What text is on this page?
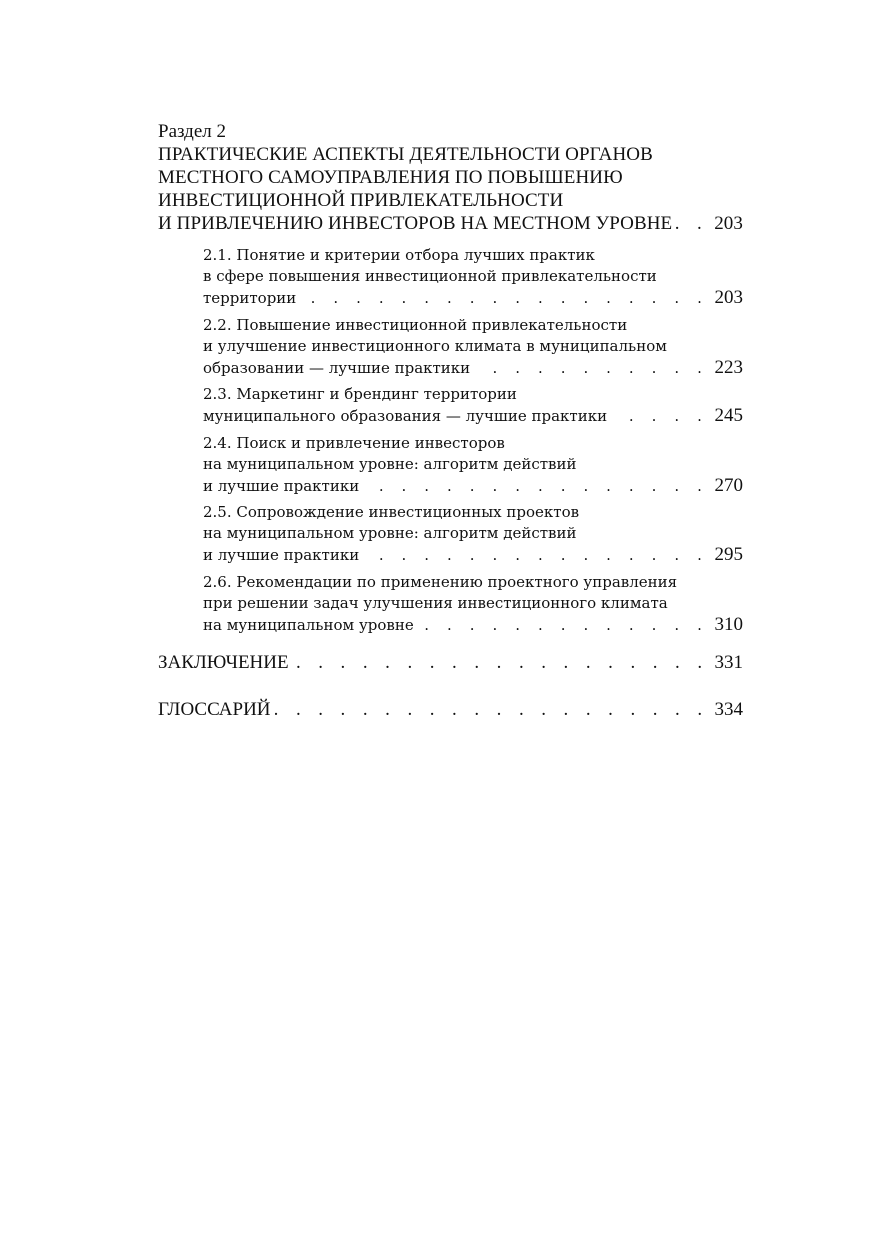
Раздел 2
ПРАКТИЧЕСКИЕ АСПЕКТЫ ДЕЯТЕЛЬНОСТИ ОРГАНОВ
МЕСТНОГО САМОУПРАВЛЕНИЯ ПО ПОВЫШЕНИЮ
ИНВЕСТИЦИОННОЙ ПРИВЛЕКАТЕЛЬНОСТИ
И ПРИВЛЕЧЕНИЮ ИНВЕСТОРОВ НА МЕСТНОМ УРОВНЕ . . . 203
2.1. Понятие и критерии отбора лучших практик
в сфере повышения инвестиционной привлекательности
территории . . .	203
2.2. Повышение инвестиционной привлекательности
и улучшение инвестиционного климата в муниципальном
образовании — лучшие практики . . .	223
2.3. Маркетинг и брендинг территории
муниципального образования — лучшие практики . . .	245
2.4. Поиск и привлечение инвесторов
на муниципальном уровне: алгоритм действий
и лучшие практики . . .	270
2.5. Сопровождение инвестиционных проектов
на муниципальном уровне: алгоритм действий
и лучшие практики . . .	295
2.6. Рекомендации по применению проектного управления
при решении задач улучшения инвестиционного климата
на муниципальном уровне . . .	310
ЗАКЛЮЧЕНИЕ . . .	331
ГЛОССАРИЙ . . .	334
